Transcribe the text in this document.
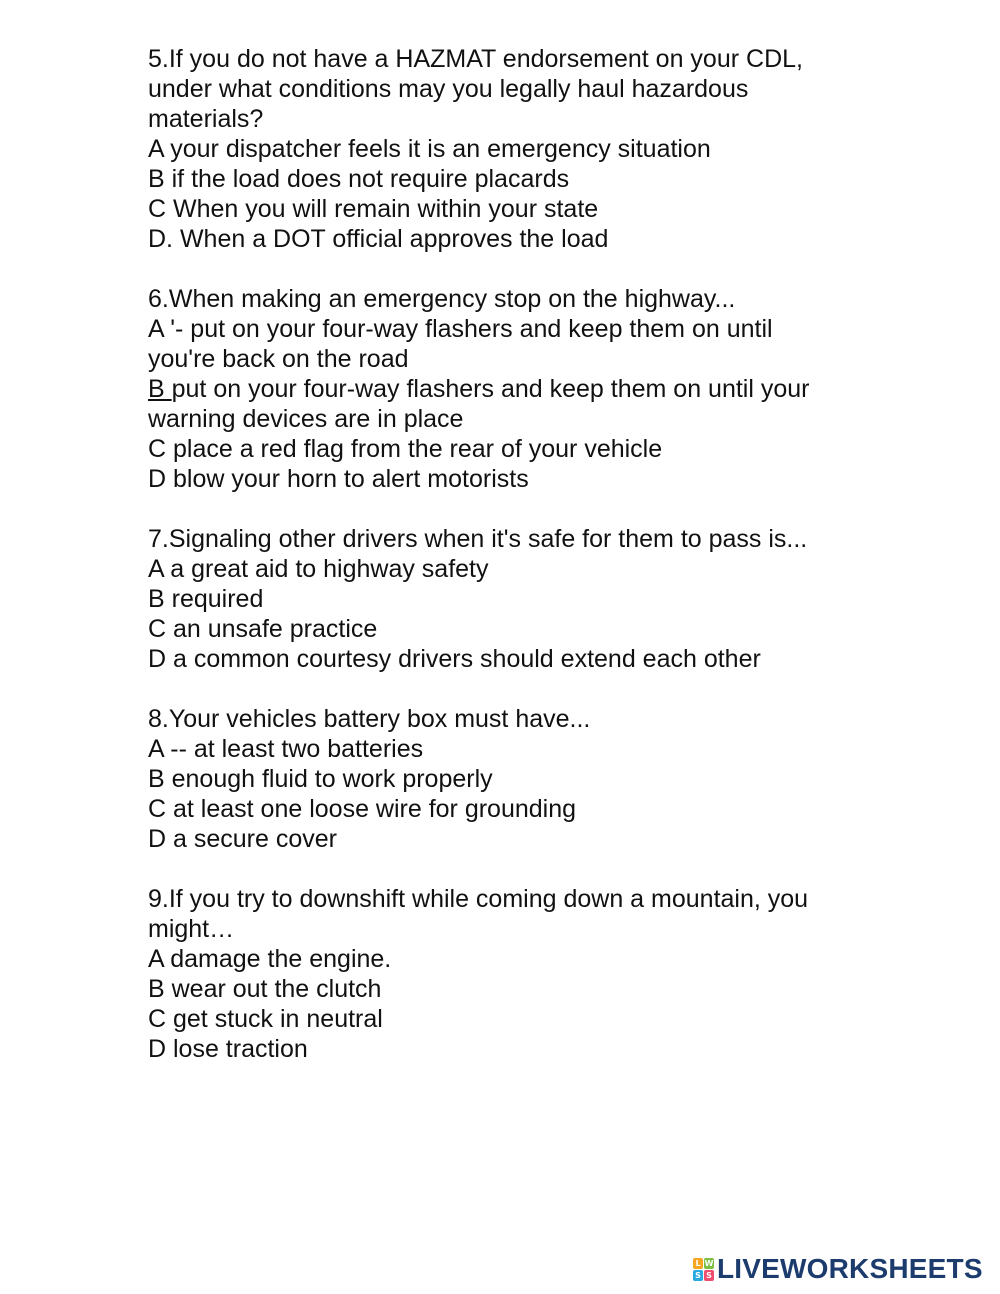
5.If you do not have a HAZMAT endorsement on your CDL,
under what conditions may you legally haul hazardous
materials?
A your dispatcher feels it is an emergency situation
B if the load does not require placards
C When you will remain within your state
D. When a DOT official approves the load
6.When making an emergency stop on the highway...
A '- put on your four-way flashers and keep them on until
you're back on the road
B put on your four-way flashers and keep them on until your
warning devices are in place
C place a red flag from the rear of your vehicle
D blow your horn to alert motorists
7.Signaling other drivers when it's safe for them to pass is...
A a great aid to highway safety
B required
C an unsafe practice
D a common courtesy drivers should extend each other
8.Your vehicles battery box must have...
A -- at least two batteries
B enough fluid to work properly
C at least one loose wire for grounding
D a secure cover
9.If you try to downshift while coming down a mountain, you
might…
A damage the engine.
B wear out the clutch
C get stuck in neutral
D lose traction
L W
S S LIVEWORKSHEETS
